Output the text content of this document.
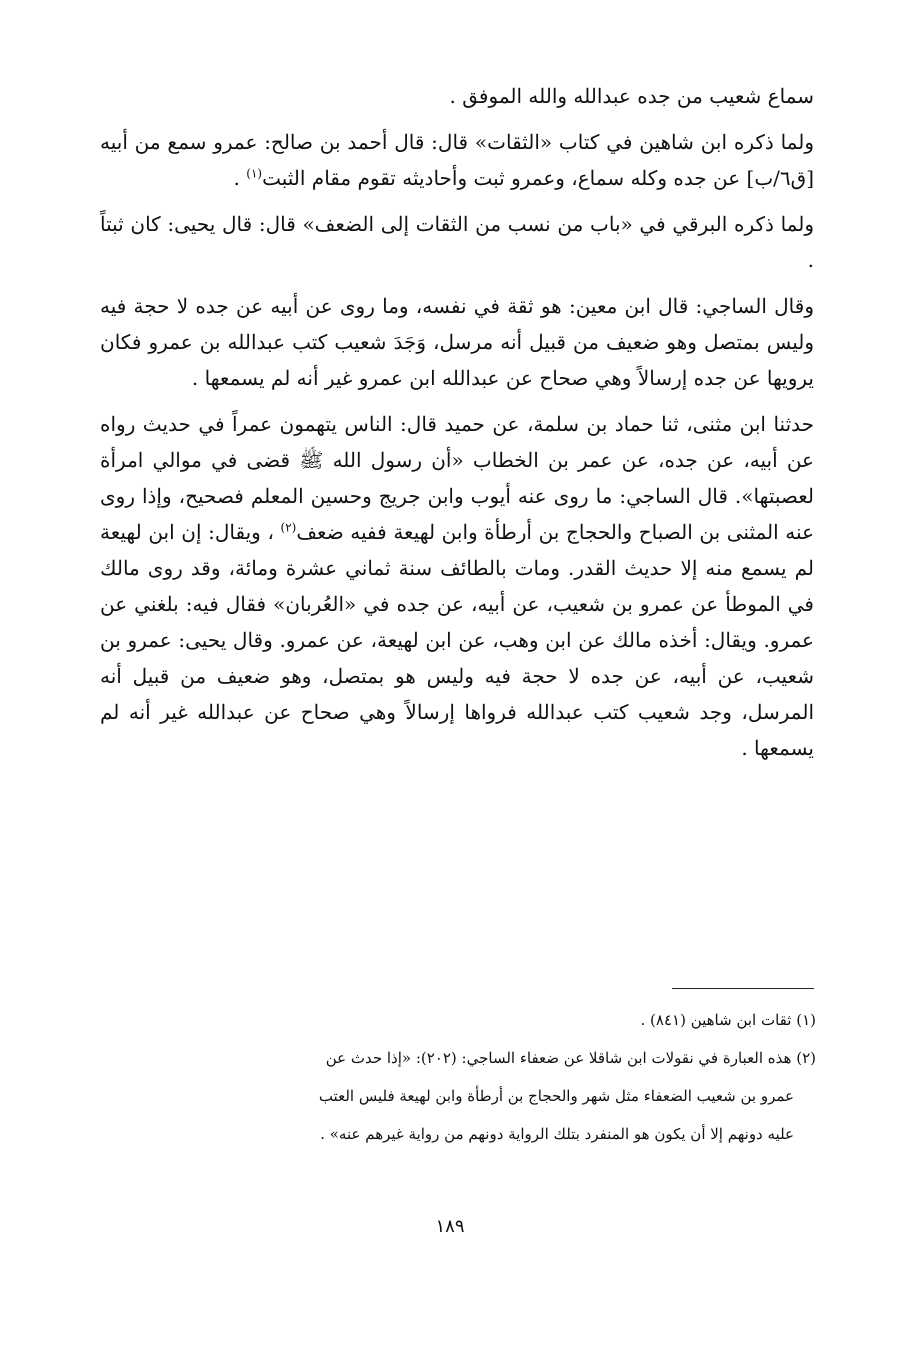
سماع شعيب من جده عبدالله والله الموفق .

ولما ذكره ابن شاهين في كتاب «الثقات» قال: قال أحمد بن صالح: عمرو سمع من أبيه [ق٦/ب] عن جده وكله سماع، وعمرو ثبت وأحاديثه تقوم مقام الثبت$^{(١)}$ .

ولما ذكره البرقي في «باب من نسب من الثقات إلى الضعف» قال: قال يحيى: كان ثبتاً .

وقال الساجي: قال ابن معين: هو ثقة في نفسه، وما روى عن أبيه عن جده لا حجة فيه وليس بمتصل وهو ضعيف من قبيل أنه مرسل، وَجَدَ شعيب كتب عبدالله بن عمرو فكان يرويها عن جده إرسالاً وهي صحاح عن عبدالله ابن عمرو غير أنه لم يسمعها .

حدثنا ابن مثنى، ثنا حماد بن سلمة، عن حميد قال: الناس يتهمون عمراً في حديث رواه عن أبيه، عن جده، عن عمر بن الخطاب «أن رسول الله ﷺ قضى في موالي امرأة لعصبتها». قال الساجي: ما روى عنه أيوب وابن جريج وحسين المعلم فصحيح، وإذا روى عنه المثنى بن الصباح والحجاج بن أرطأة وابن لهيعة ففيه ضعف$^{(٢)}$ ، ويقال: إن ابن لهيعة لم يسمع منه إلا حديث القدر. ومات بالطائف سنة ثماني عشرة ومائة، وقد روى مالك في الموطأ عن عمرو بن شعيب، عن أبيه، عن جده في «العُربان» فقال فيه: بلغني عن عمرو. ويقال: أخذه مالك عن ابن وهب، عن ابن لهيعة، عن عمرو. وقال يحيى: عمرو بن شعيب، عن أبيه، عن جده لا حجة فيه وليس هو بمتصل، وهو ضعيف من قبيل أنه المرسل، وجد شعيب كتب عبدالله فرواها إرسالاً وهي صحاح عن عبدالله غير أنه لم يسمعها .

(١) ثقات ابن شاهين (٨٤١) .

(٢) هذه العبارة في نقولات ابن شاقلا عن ضعفاء الساجي: (٢٠٢): «إذا حدث عن

عمرو بن شعيب الضعفاء مثل شهر والحجاج بن أرطأة وابن لهيعة فليس العتب

عليه دونهم إلا أن يكون هو المنفرد بتلك الرواية دونهم من رواية غيرهم عنه» .

١٨٩
